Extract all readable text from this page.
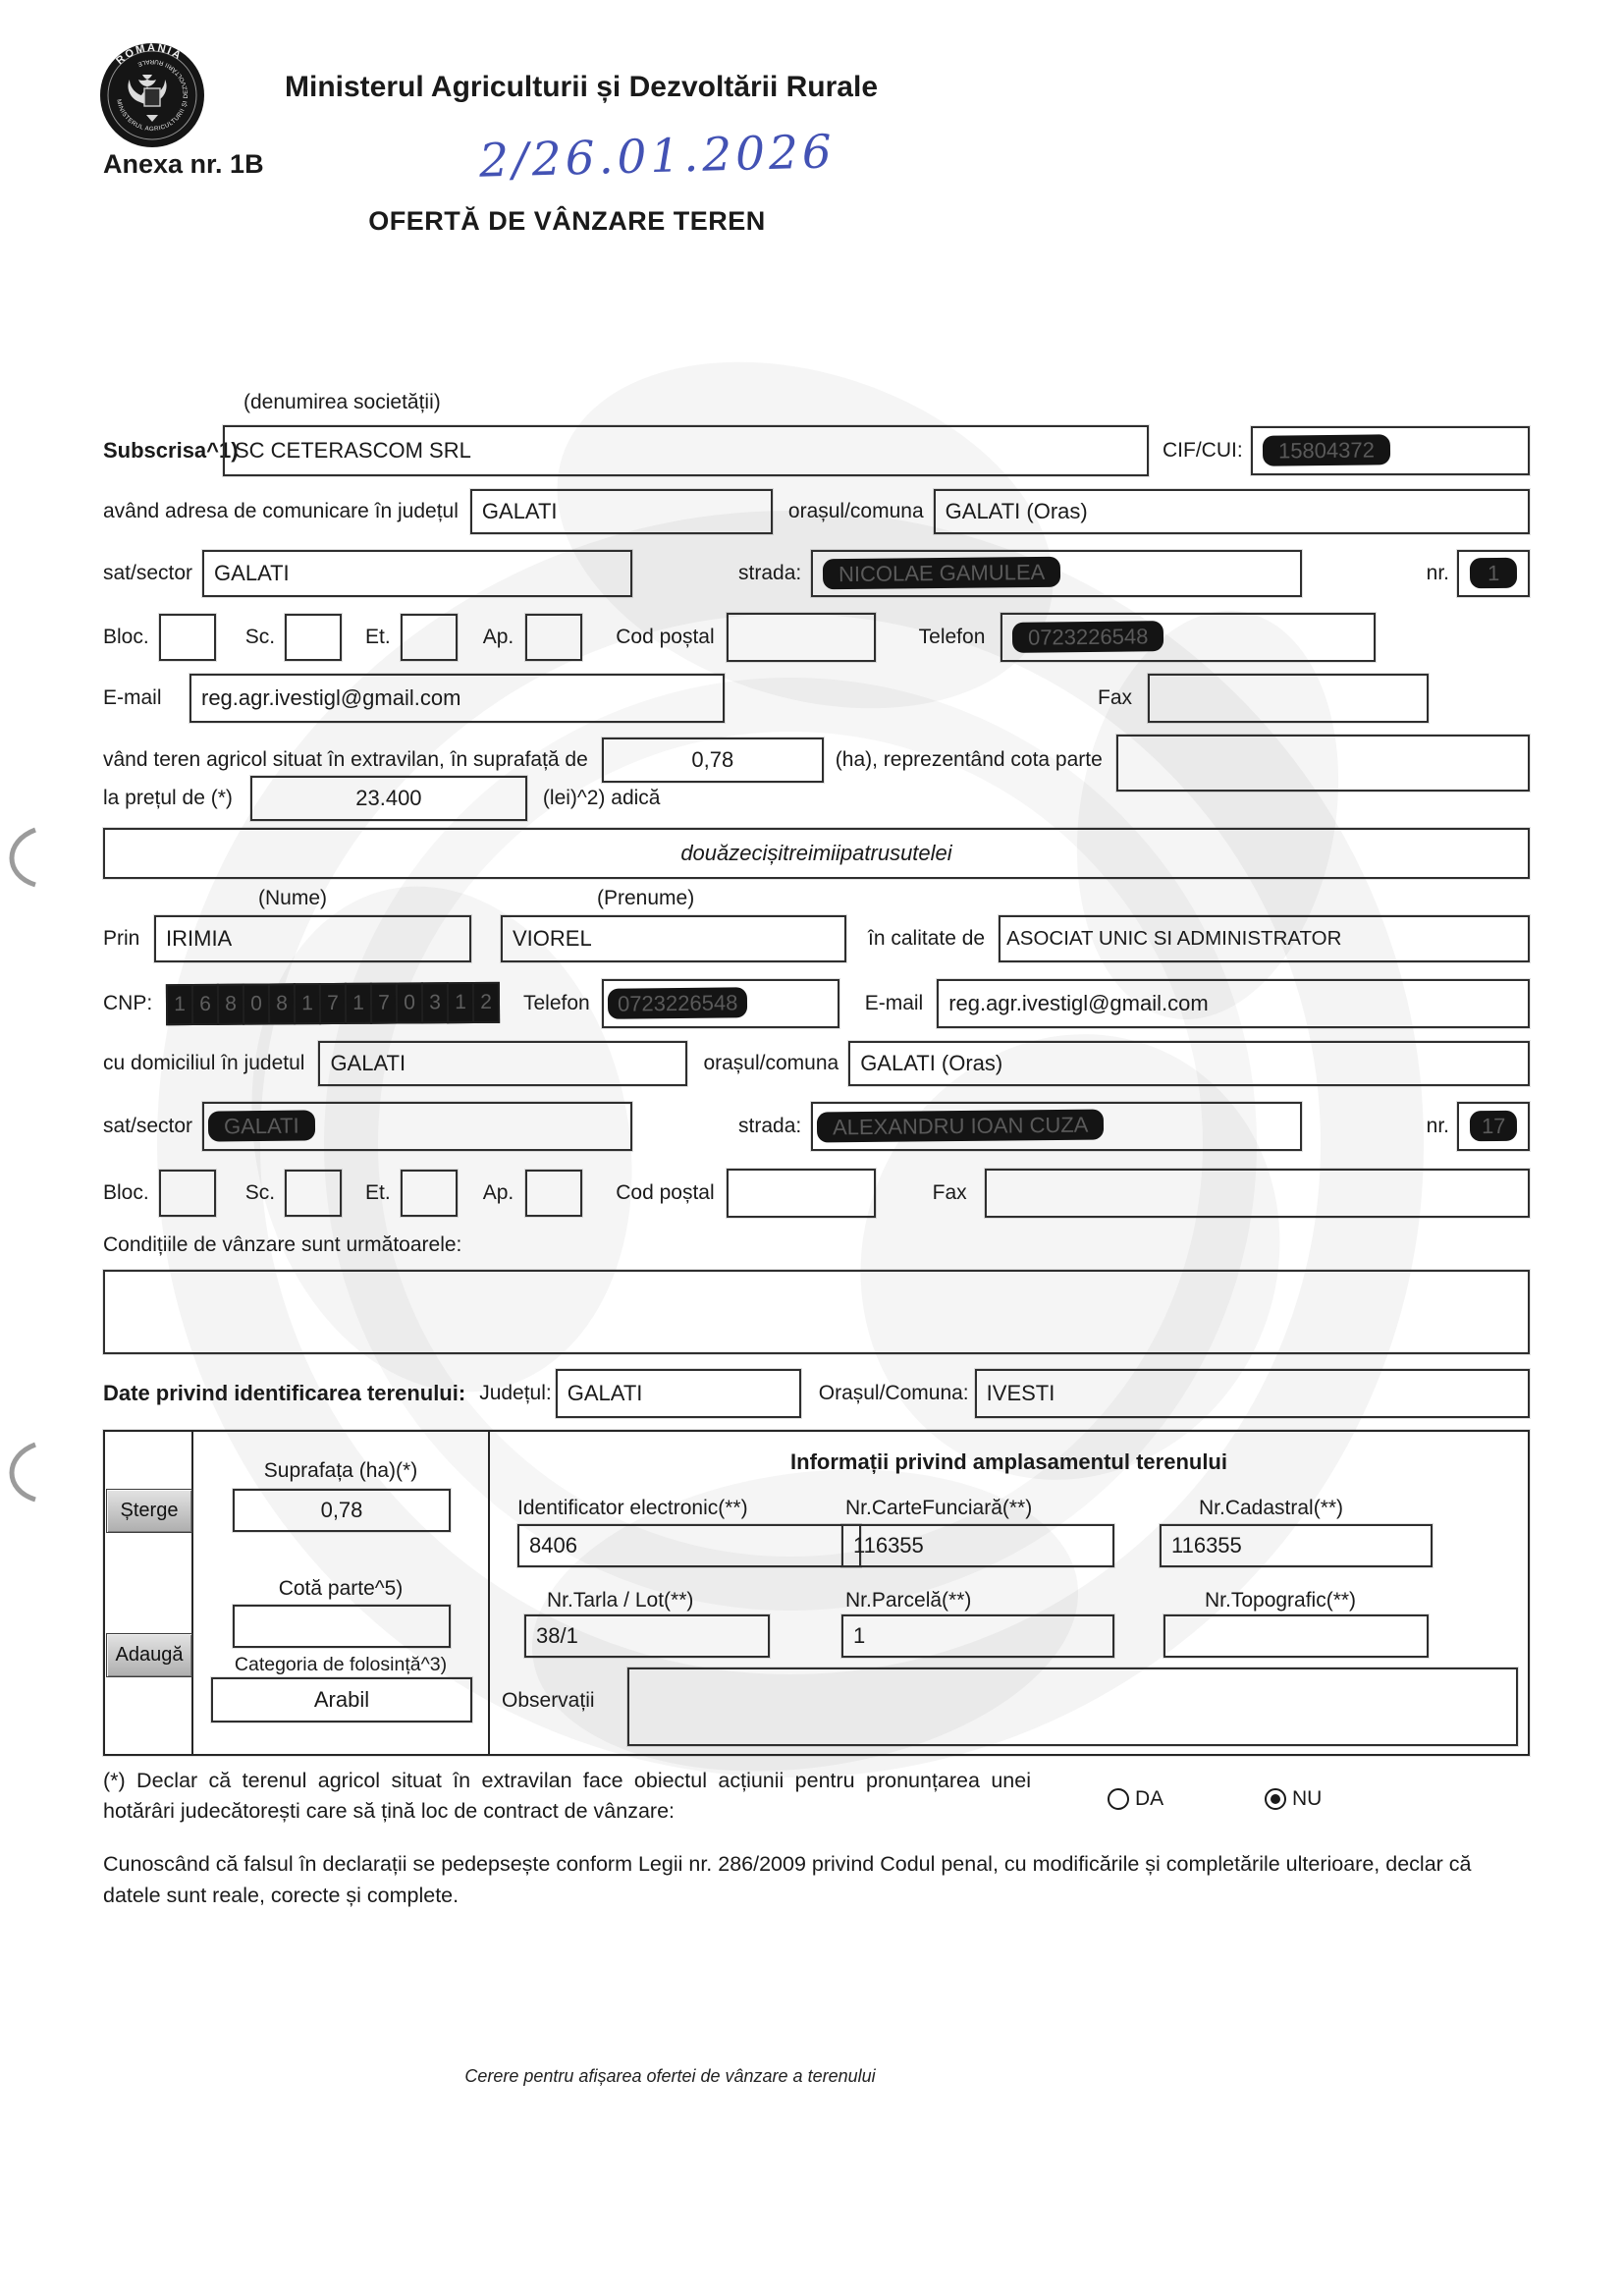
ROMÂNIA
MINISTERUL AGRICULTURII ȘI DEZVOLTĂRII RURALE
Ministerul Agriculturii și Dezvoltării Rurale
Anexa nr. 1B	2/26.01.2026
OFERTĂ DE VÂNZARE TEREN
(denumirea societății)
Subscrisa^1)
SC CETERASCOM SRL	CIF/CUI:	15804372
având adresa de comunicare în județul	GALATI	orașul/comuna	GALATI (Oras)
sat/sector	GALATI	strada:	NICOLAE GAMULEA	nr.	1
Bloc.	Sc.	Et.	Ap.	Cod poștal	Telefon	0723226548
E-mail	reg.agr.ivestigl@gmail.com	Fax
vând teren agricol situat în extravilan, în suprafață de	0,78	(ha), reprezentând cota parte
la prețul de (*)	23.400	(lei)^2) adică
douăzecișitreimiipatrusutelei
(Nume)	(Prenume)
Prin	IRIMIA	VIOREL	în calitate de	ASOCIAT UNIC SI ADMINISTRATOR
CNP:	1 6 8 0 8 1 7 1 7 0 3 1 2	Telefon	0723226548	E-mail	reg.agr.ivestigl@gmail.com
cu domiciliul în judetul	GALATI	orașul/comuna	GALATI (Oras)
sat/sector	GALATI	strada:	ALEXANDRU IOAN CUZA	nr.	17
Bloc.	Sc.	Et.	Ap.	Cod poștal	Fax
Condițiile de vânzare sunt următoarele:
Date privind identificarea terenului: Județul: GALATI	Orașul/Comuna: IVESTI
Șterge
Adaugă
Suprafața (ha)(*)
0,78
Cotă parte^5)
Categoria de folosință^3)
Arabil
Informații privind amplasamentul terenului
Identificator electronic(**)	Nr.CarteFunciară(**)	Nr.Cadastral(**)
8406	116355	116355
Nr.Tarla / Lot(**)	Nr.Parcelă(**)	Nr.Topografic(**)
38/1	1
Observații
(*) Declar că terenul agricol situat în extravilan face obiectul acțiunii pentru pronunțarea unei hotărâri judecătorești care să țină loc de contract de vânzare:
DA	NU
Cunoscând că falsul în declarații se pedepsește conform Legii nr. 286/2009 privind Codul penal, cu modificările și completările ulterioare, declar că datele sunt reale, corecte și complete.
Cerere pentru afișarea ofertei de vânzare a terenului
